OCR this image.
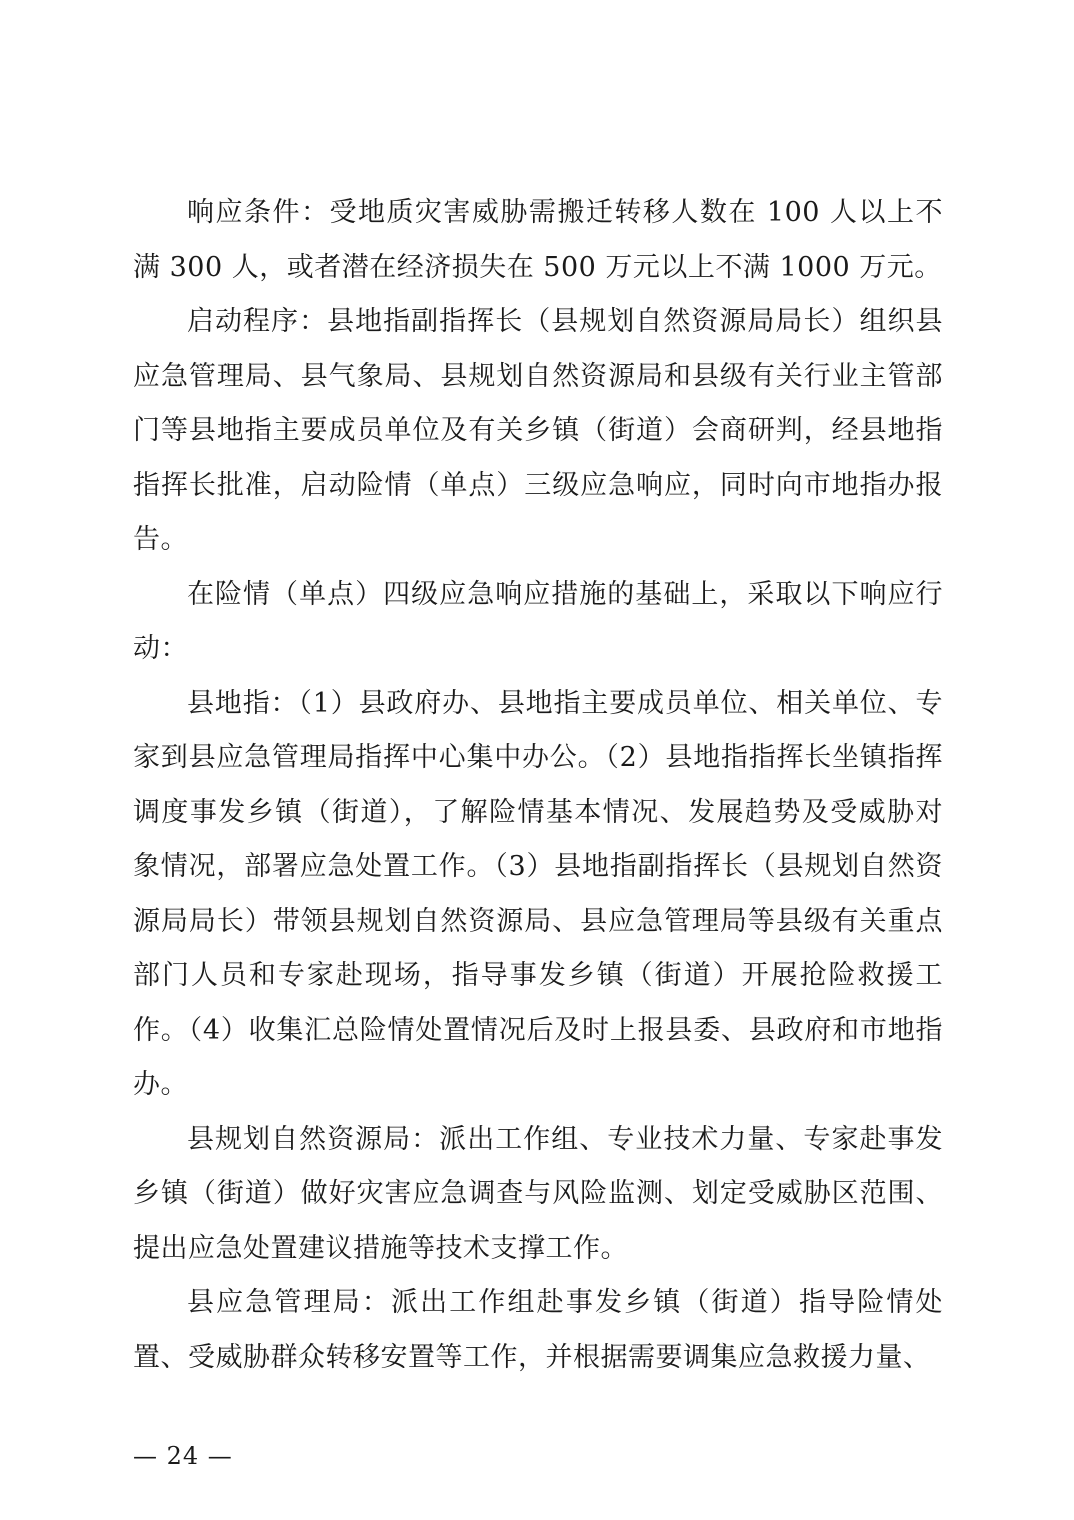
响应条件：受地质灾害威胁需搬迁转移人数在 100 人以上不满 300 人，或者潜在经济损失在 500 万元以上不满 1000 万元。

启动程序：县地指副指挥长（县规划自然资源局局长）组织县应急管理局、县气象局、县规划自然资源局和县级有关行业主管部门等县地指主要成员单位及有关乡镇（街道）会商研判，经县地指指挥长批准，启动险情（单点）三级应急响应，同时向市地指办报告。

在险情（单点）四级应急响应措施的基础上，采取以下响应行动：

县地指：（1）县政府办、县地指主要成员单位、相关单位、专家到县应急管理局指挥中心集中办公。（2）县地指指挥长坐镇指挥调度事发乡镇（街道），了解险情基本情况、发展趋势及受威胁对象情况，部署应急处置工作。（3）县地指副指挥长（县规划自然资源局局长）带领县规划自然资源局、县应急管理局等县级有关重点部门人员和专家赴现场，指导事发乡镇（街道）开展抢险救援工作。（4）收集汇总险情处置情况后及时上报县委、县政府和市地指办。

县规划自然资源局：派出工作组、专业技术力量、专家赴事发乡镇（街道）做好灾害应急调查与风险监测、划定受威胁区范围、提出应急处置建议措施等技术支撑工作。

县应急管理局：派出工作组赴事发乡镇（街道）指导险情处置、受威胁群众转移安置等工作，并根据需要调集应急救援力量、

— 24 —
